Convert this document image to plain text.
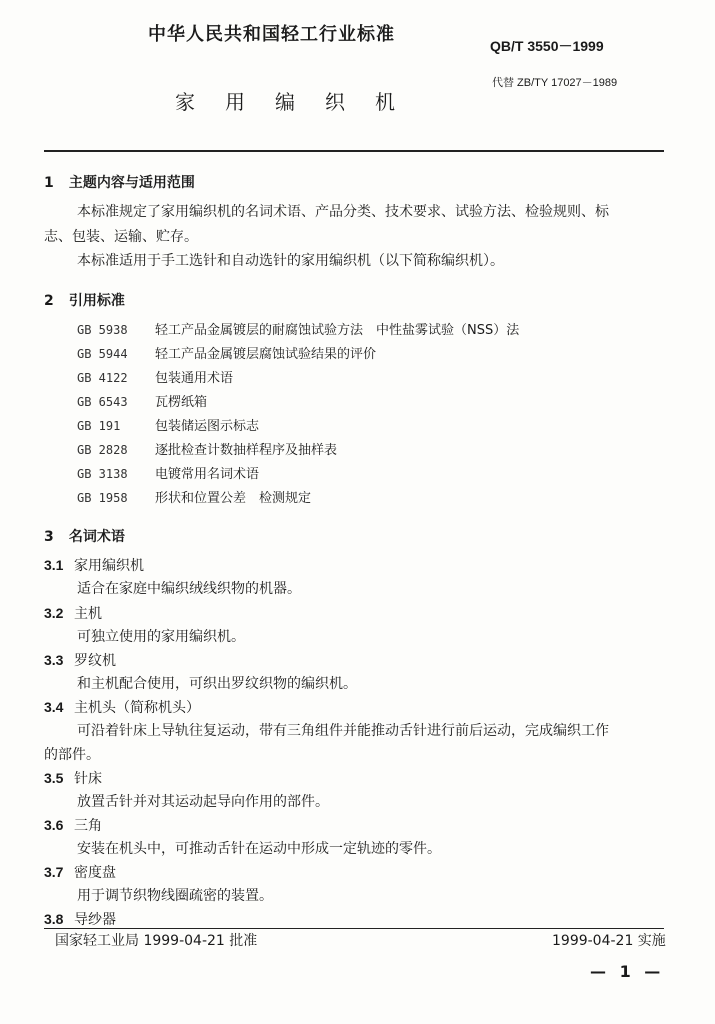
中华人民共和国轻工行业标准
QB/T 3550－1999
代替 ZB/TY 17027－1989
家用编织机
1 主题内容与适用范围
本标准规定了家用编织机的名词术语、产品分类、技术要求、试验方法、检验规则、标
志、包装、运输、贮存。
本标准适用于手工选针和自动选针的家用编织机（以下简称编织机）。
2 引用标准
GB 5938 轻工产品金属镀层的耐腐蚀试验方法　中性盐雾试验（NSS）法
GB 5944 轻工产品金属镀层腐蚀试验结果的评价
GB 4122 包装通用术语
GB 6543 瓦楞纸箱
GB 191	包装储运图示标志
GB 2828 逐批检查计数抽样程序及抽样表
GB 3138 电镀常用名词术语
GB 1958 形状和位置公差　检测规定
3 名词术语
3.1 家用编织机
适合在家庭中编织绒线织物的机器。
3.2 主机
可独立使用的家用编织机。
3.3 罗纹机
和主机配合使用，可织出罗纹织物的编织机。
3.4 主机头（简称机头）
可沿着针床上导轨往复运动，带有三角组件并能推动舌针进行前后运动，完成编织工作
的部件。
3.5 针床
放置舌针并对其运动起导向作用的部件。
3.6 三角
安装在机头中，可推动舌针在运动中形成一定轨迹的零件。
3.7 密度盘
用于调节织物线圈疏密的装置。
3.8 导纱器
国家轻工业局 1999-04-21 批准	1999-04-21 实施
— 1 —
